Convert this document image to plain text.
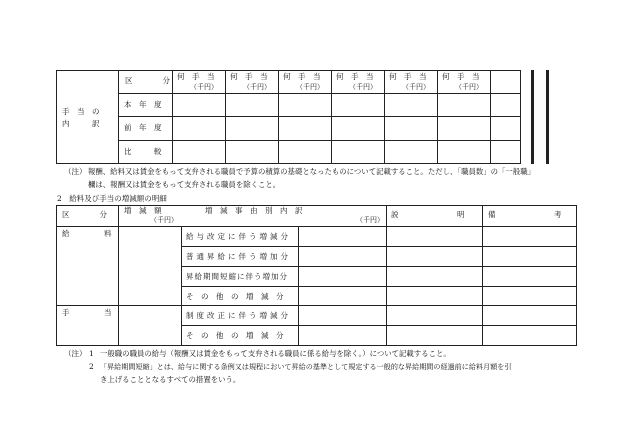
手　当　の
内　　　訳
区　　分 何　手　当
（千円）
何　手　当
（千円）
何　手　当
（千円）
何　手　当
（千円）
何　手　当
（千円）
何　手　当
（千円）
本　年　度
前　年　度
比　　　較
（注） 報酬、給料又は賃金をもって支弁される職員で予算の積算の基礎となったものについて記載すること。ただし、「職員数」の「一般職」
欄は、報酬又は賃金をもって支弁される職員を除くこと。
2　給料及び手当の増減額の明細
区　　分 増　減　額
（千円）
増　減　事　由　別　内　訳
（千円）
説　　　明 備　　　考
給　　　料	給与改定に伴う増減分
普通昇給に伴う増加分
昇給期間短縮に伴う増加分
そ　の　他　の　増　減　分
手　　　当	制度改正に伴う増減分
そ　の　他　の　増　減　分
（注） 1 一般職の職員の給与（報酬又は賃金をもって支弁される職員に係る給与を除く。）について記載すること。
2 「昇給期間短縮」とは、給与に関する条例又は規程において昇給の基準として規定する一般的な昇給期間の経過前に給料月額を引
き上げることとなるすべての措置をいう。
